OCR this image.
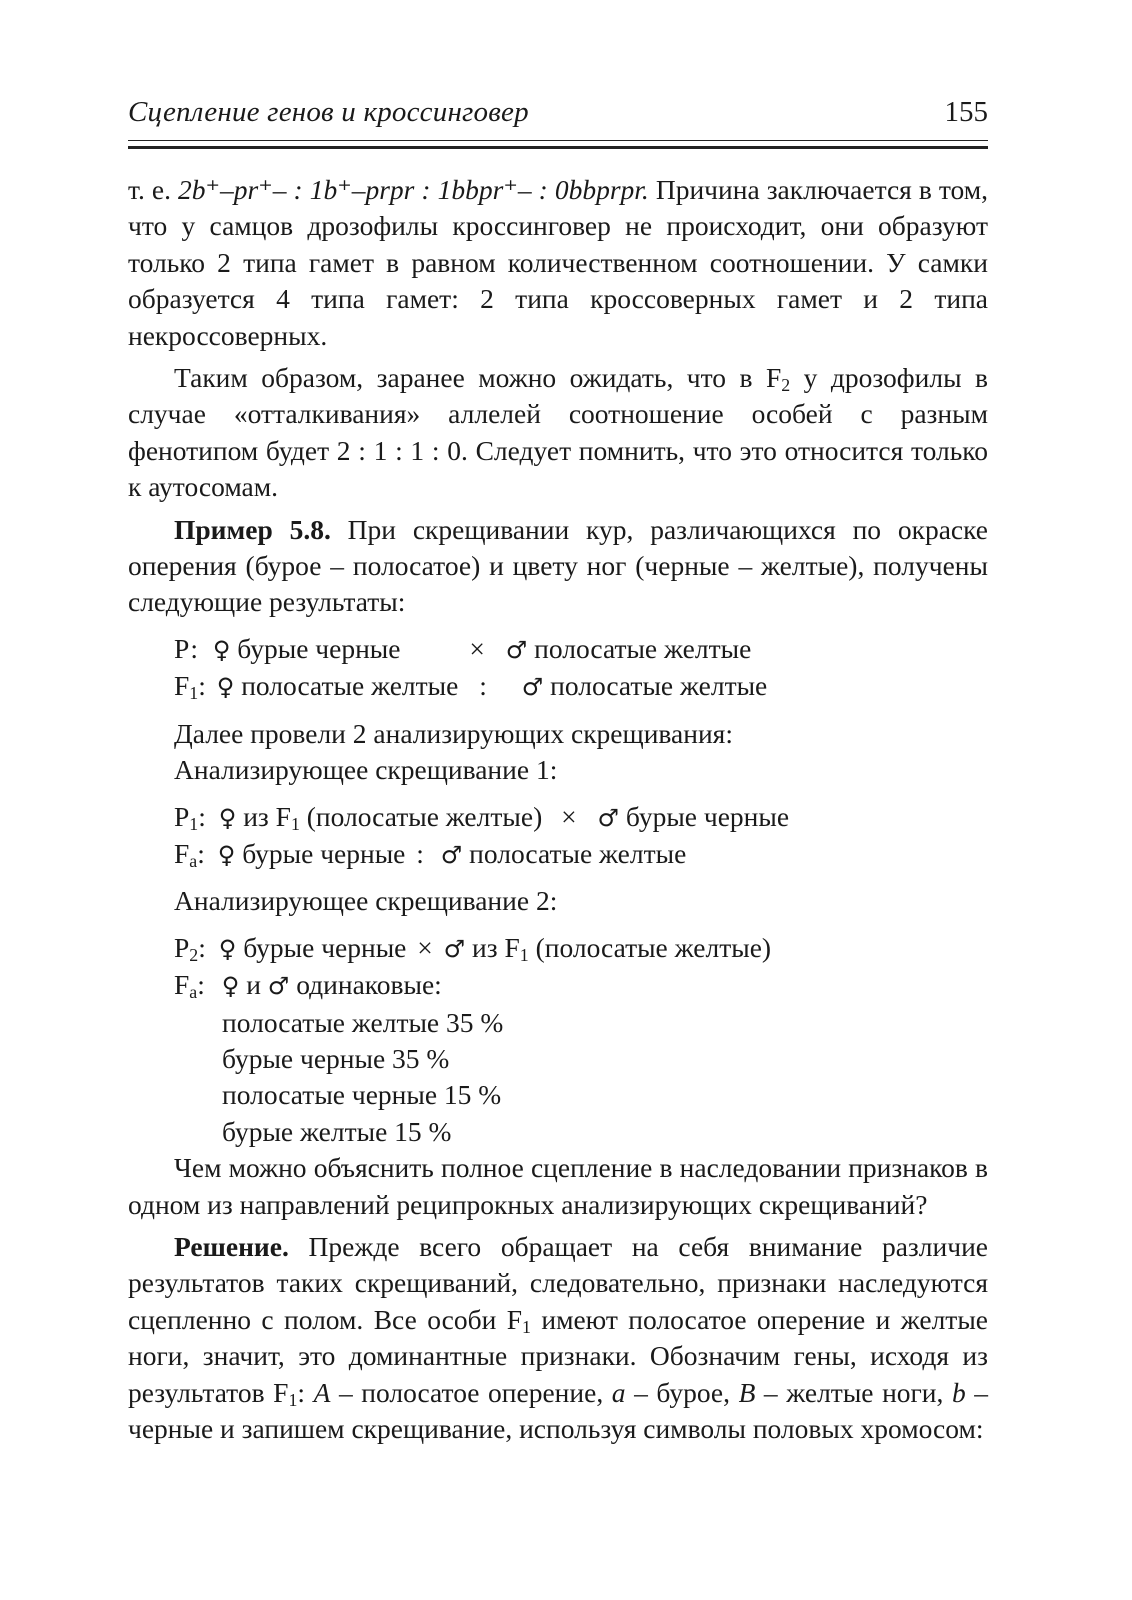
Сцепление генов и кроссинговер	155

т. е. 2b⁺–pr⁺– : 1b⁺–prpr : 1bbpr⁺– : 0bbprpr. Причина заключается в том, что у самцов дрозофилы кроссинговер не происходит, они образуют только 2 типа гамет в равном количественном соотношении. У самки образуется 4 типа гамет: 2 типа кроссоверных гамет и 2 типа некроссоверных.

Таким образом, заранее можно ожидать, что в $F_2$ у дрозофилы в случае «отталкивания» аллелей соотношение особей с разным фенотипом будет 2 : 1 : 1 : 0. Следует помнить, что это относится только к аутосомам.

Пример 5.8. При скрещивании кур, различающихся по окраске оперения (бурое – полосатое) и цвету ног (черные – желтые), получены следующие результаты:

Р: ♀ бурые черные	× ♂ полосатые желтые
$F_1$: ♀ полосатые желтые : ♂ полосатые желтые
Далее провели 2 анализирующих скрещивания:
Анализирующее скрещивание 1:
$Р_1$: ♀ из $F_1$ (полосатые желтые) × ♂ бурые черные
$F_a$: ♀ бурые черные : ♂ полосатые желтые
Анализирующее скрещивание 2:
$Р_2$: ♀ бурые черные × ♂ из $F_1$ (полосатые желтые)
$F_a$: ♀ и ♂ одинаковые:
полосатые желтые 35 %
бурые черные 35 %
полосатые черные 15 %
бурые желтые 15 %

Чем можно объяснить полное сцепление в наследовании признаков в одном из направлений реципрокных анализирующих скрещиваний?

Решение. Прежде всего обращает на себя внимание различие результатов таких скрещиваний, следовательно, признаки наследуются сцепленно с полом. Все особи $F_1$ имеют полосатое оперение и желтые ноги, значит, это доминантные признаки. Обозначим гены, исходя из результатов $F_1$: A – полосатое оперение, a – бурое, B – желтые ноги, b – черные и запишем скрещивание, используя символы половых хромосом:
